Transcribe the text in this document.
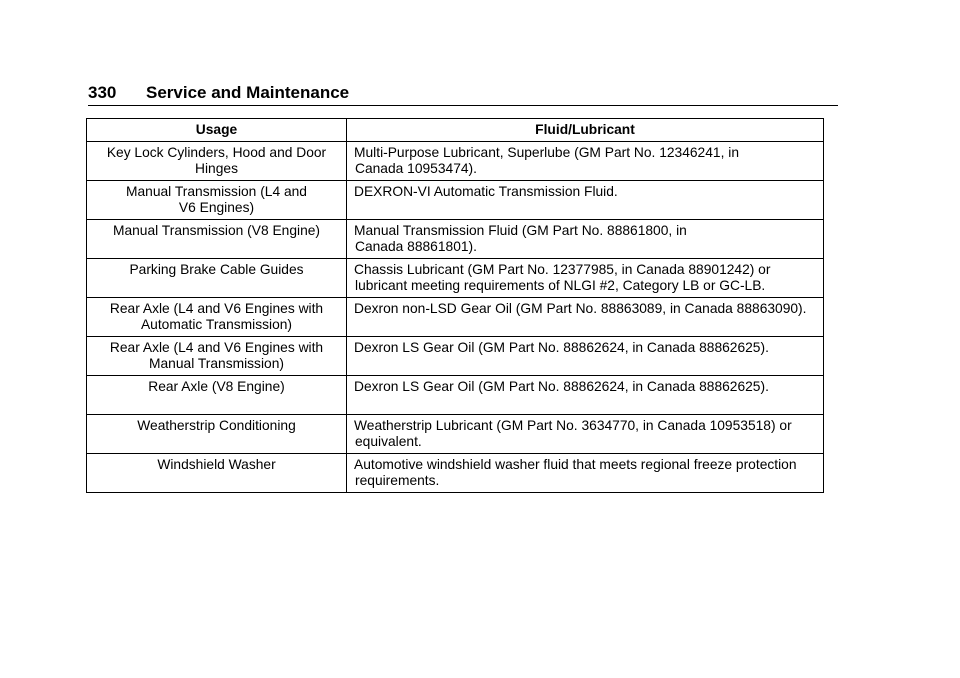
330 Service and Maintenance
Usage	Fluid/Lubricant

Key Lock Cylinders, Hood and Door
Hinges	Multi-Purpose Lubricant, Superlube (GM Part No. 12346241, in
Canada 10953474).

Manual Transmission (L4 and
V6 Engines)	DEXRON-VI Automatic Transmission Fluid.

Manual Transmission (V8 Engine)	Manual Transmission Fluid (GM Part No. 88861800, in
Canada 88861801).

Parking Brake Cable Guides	Chassis Lubricant (GM Part No. 12377985, in Canada 88901242) or
lubricant meeting requirements of NLGI #2, Category LB or GC-LB.

Rear Axle (L4 and V6 Engines with
Automatic Transmission)	Dexron non-LSD Gear Oil (GM Part No. 88863089, in Canada 88863090).

Rear Axle (L4 and V6 Engines with
Manual Transmission)	Dexron LS Gear Oil (GM Part No. 88862624, in Canada 88862625).

Rear Axle (V8 Engine)	Dexron LS Gear Oil (GM Part No. 88862624, in Canada 88862625).

Weatherstrip Conditioning	Weatherstrip Lubricant (GM Part No. 3634770, in Canada 10953518) or
equivalent.

Windshield Washer	Automotive windshield washer fluid that meets regional freeze protection
requirements.
